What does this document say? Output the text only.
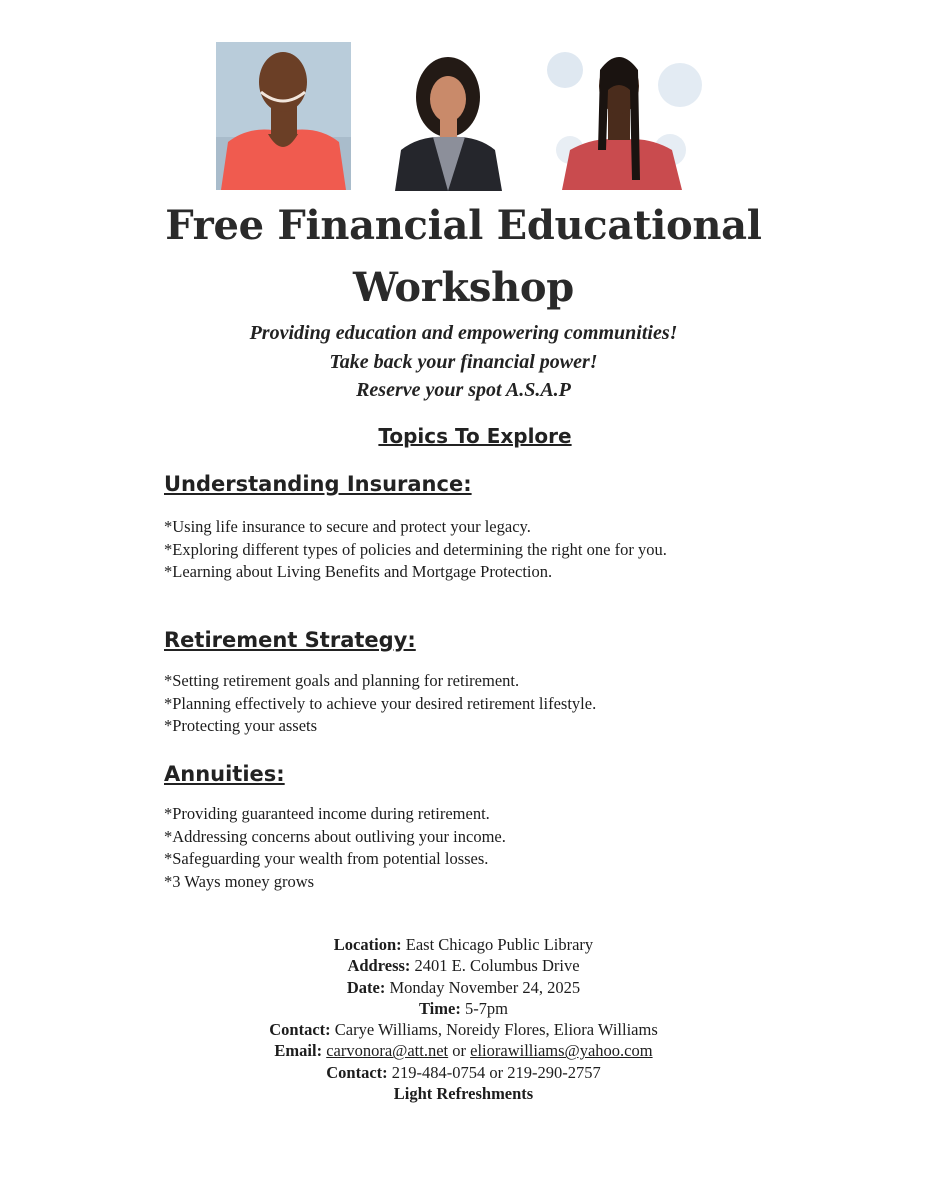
Free Financial Educational
Workshop
Providing education and empowering communities!
Take back your financial power!
Reserve your spot A.S.A.P
Topics To Explore
Understanding Insurance:
*Using life insurance to secure and protect your legacy.
*Exploring different types of policies and determining the right one for you.
*Learning about Living Benefits and Mortgage Protection.
Retirement Strategy:
*Setting retirement goals and planning for retirement.
*Planning effectively to achieve your desired retirement lifestyle.
*Protecting your assets
Annuities:
*Providing guaranteed income during retirement.
*Addressing concerns about outliving your income.
*Safeguarding your wealth from potential losses.
*3 Ways money grows
Location: East Chicago Public Library
Address: 2401 E. Columbus Drive
Date: Monday November 24, 2025
Time: 5-7pm
Contact: Carye Williams, Noreidy Flores, Eliora Williams
Email: carvonora@att.net or eliorawilliams@yahoo.com
Contact: 219-484-0754 or 219-290-2757
Light Refreshments
